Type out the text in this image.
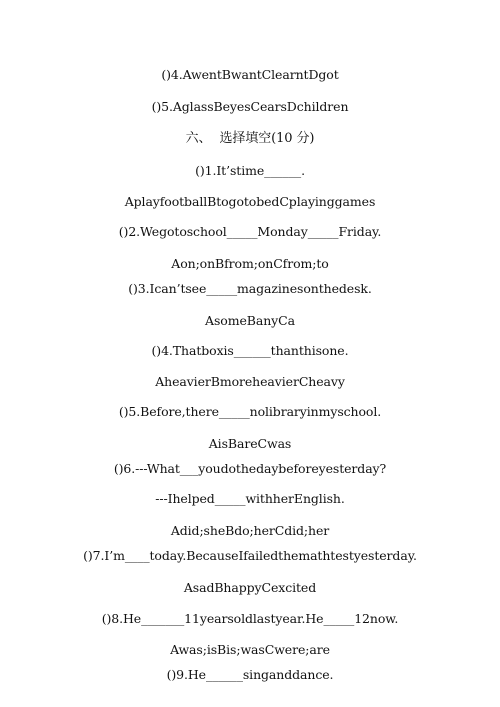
()4.AwentBwantClearntDgot
()5.AglassBeyesCearsDchildren
六、  选择填空(10 分)
()1.It’stime______.
AplayfootballBtogotobedCplayinggames
()2.Wegotoschool_____Monday_____Friday.
Aon;onBfrom;onCfrom;to
()3.Ican’tsee_____magazinesonthedesk.
AsomeBanyCa
()4.Thatboxis______thanthisone.
AheavierBmoreheavierCheavy
()5.Before,there_____nolibraryinmyschool.
AisBareCwas
()6.---What___youdothedaybeforeyesterday?
---Ihelped_____withherEnglish.
Adid;sheBdo;herCdid;her
()7.I’m____today.BecauseIfailedthemathtestyesterday.
AsadBhappyCexcited
()8.He_______11yearsoldlastyear.He_____12now.
Awas;isBis;wasCwere;are
()9.He______singanddance.
